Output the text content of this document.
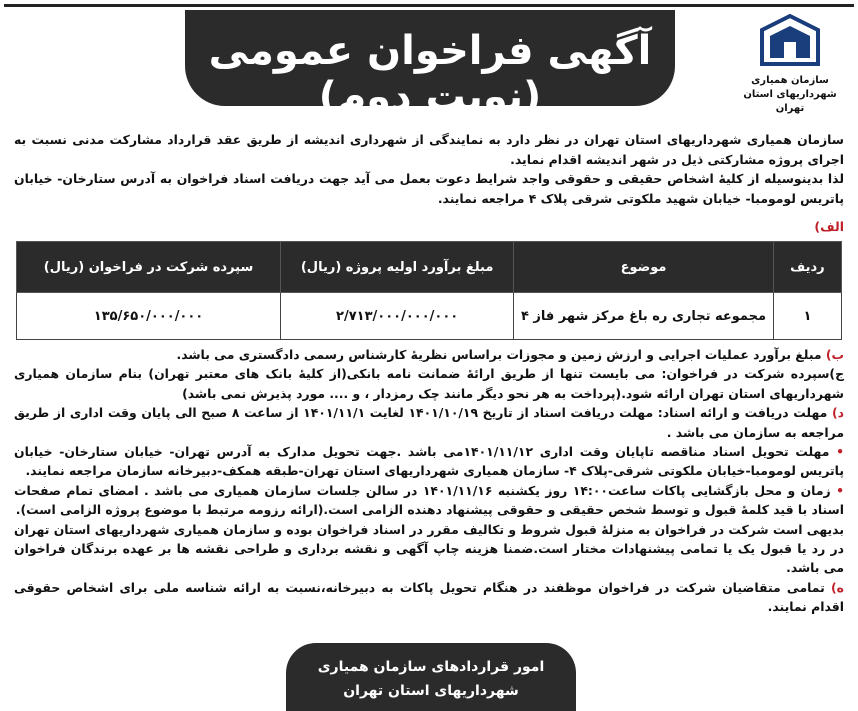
آگهی فراخوان عمومی (نوبت دوم)	سازمان همیاری شهرداریهای استان تهران
سازمان همیاری شهرداریهای استان تهران در نظر دارد به نمایندگی از شهرداری اندیشه از طریق عقد قرارداد مشارکت مدنی نسبت به اجرای پروژه مشارکتی ذیل در شهر اندیشه اقدام نماید.
لذا بدینوسیله از کلیهٔ اشخاص حقیقی و حقوقی واجد شرایط دعوت بعمل می آید جهت دریافت اسناد فراخوان به آدرس ستارخان- خیابان پاتریس لومومبا- خیابان شهید ملکوتی شرقی پلاک ۴ مراجعه نمایند.
الف)
ردیف	موضوع	مبلغ برآورد اولیه پروژه (ریال)	سپرده شرکت در فراخوان (ریال)
۱	مجموعه تجاری ره باغ مرکز شهر فاز ۴	۲/۷۱۳/۰۰۰/۰۰۰/۰۰۰	۱۳۵/۶۵۰/۰۰۰/۰۰۰

ب) مبلغ برآورد عملیات اجرایی و ارزش زمین و مجوزات براساس نظریهٔ کارشناس رسمی دادگستری می باشد.

ج)سپرده شرکت در فراخوان: می بایست تنها از طریق ارائهٔ ضمانت نامه بانکی(از کلیهٔ بانک های معتبر تهران) بنام سازمان همیاری شهرداریهای استان تهران ارائه شود.(پرداخت به هر نحو دیگر مانند چک رمزدار ، و .... مورد پذیرش نمی باشد)

د) مهلت دریافت و ارائه اسناد: مهلت دریافت اسناد از تاریخ ۱۴۰۱/۱۰/۱۹ لغایت ۱۴۰۱/۱۱/۱ از ساعت ۸ صبح الی پایان وقت اداری از طریق مراجعه به سازمان می باشد .

• مهلت تحویل اسناد مناقصه تاپایان وقت اداری ۱۴۰۱/۱۱/۱۲می باشد .جهت تحویل مدارک به آدرس تهران- خیابان ستارخان- خیابان پاتریس لومومبا-خیابان ملکوتی شرقی-پلاک ۴- سازمان همیاری شهرداریهای استان تهران-طبقه همکف-دبیرخانه سازمان مراجعه نمایند.

• زمان و محل بازگشایی پاکات ساعت۱۴:۰۰ روز یکشنبه ۱۴۰۱/۱۱/۱۶ در سالن جلسات سازمان همیاری می باشد . امضای تمام صفحات اسناد با قید کلمهٔ قبول و توسط شخص حقیقی و حقوقی پیشنهاد دهنده الزامی است.(ارائه رزومه مرتبط با موضوع پروژه الزامی است).

بدیهی است شرکت در فراخوان به منزلهٔ قبول شروط و تکالیف مقرر در اسناد فراخوان بوده و سازمان همیاری شهرداریهای استان تهران در رد یا قبول یک یا تمامی پیشنهادات مختار است.ضمنا هزینه چاپ آگهی و نقشه برداری و طراحی نقشه ها بر عهده برندگان فراخوان می باشد.

ه) تمامی متقاضیان شرکت در فراخوان موظفند در هنگام تحویل پاکات به دبیرخانه،نسبت به ارائه شناسه ملی برای اشخاص حقوقی اقدام نمایند.

امور قراردادهای سازمان همیاری
شهرداریهای استان تهران
